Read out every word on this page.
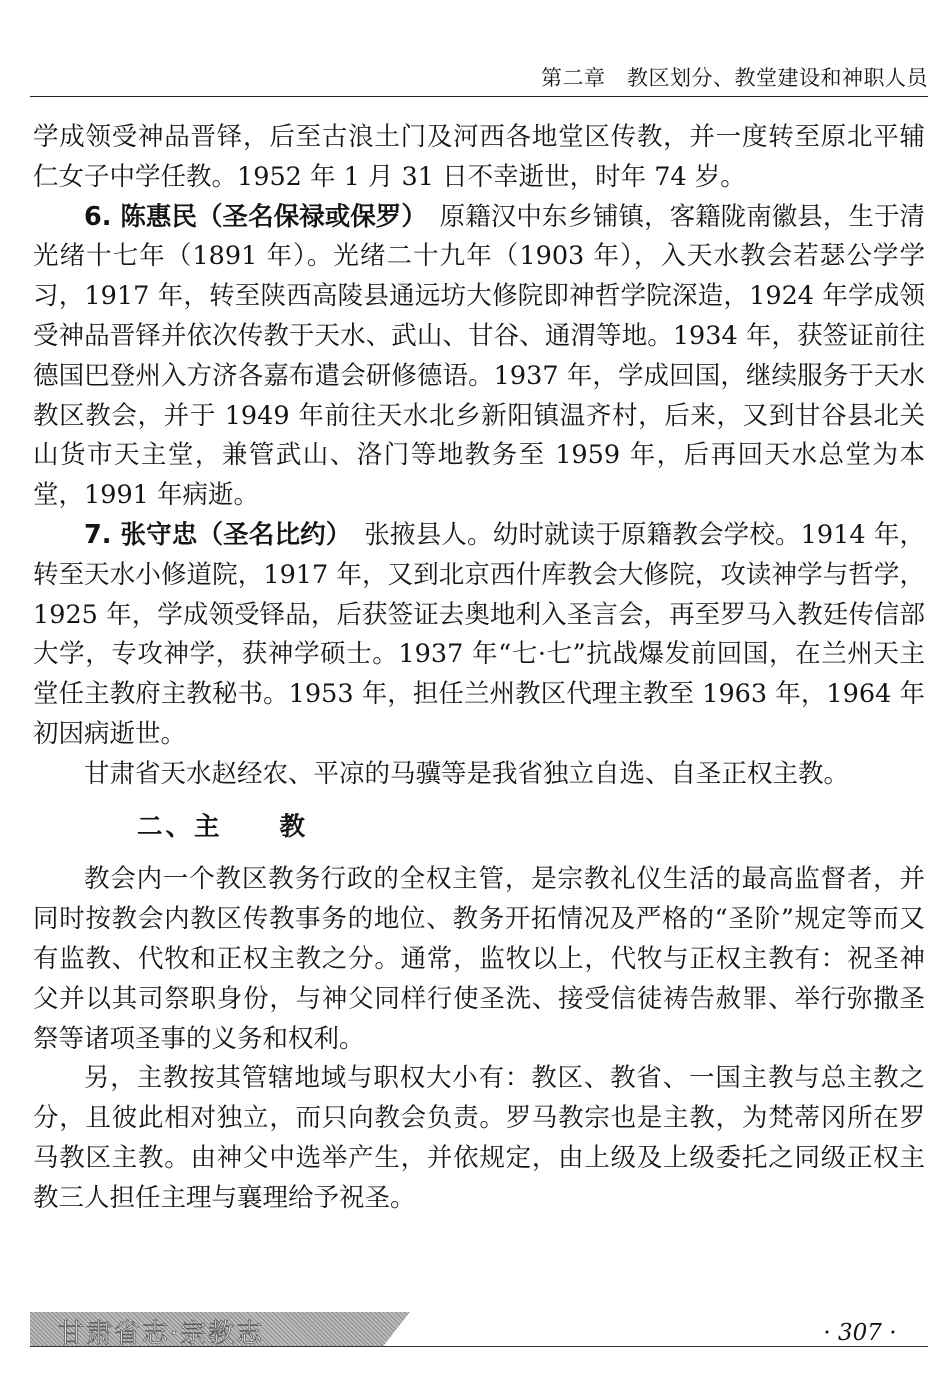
第二章　教区划分、教堂建设和神职人员

学成领受神品晋铎，后至古浪土门及河西各地堂区传教，并一度转至原北平辅仁女子中学任教。1952 年 1 月 31 日不幸逝世，时年 74 岁。

6. 陈惠民（圣名保禄或保罗）　原籍汉中东乡铺镇，客籍陇南徽县，生于清光绪十七年（1891 年）。光绪二十九年（1903 年），入天水教会若瑟公学学习，1917 年，转至陕西高陵县通远坊大修院即神哲学院深造，1924 年学成领受神品晋铎并依次传教于天水、武山、甘谷、通渭等地。1934 年，获签证前往德国巴登州入方济各嘉布遣会研修德语。1937 年，学成回国，继续服务于天水教区教会，并于 1949 年前往天水北乡新阳镇温齐村，后来，又到甘谷县北关山货市天主堂，兼管武山、洛门等地教务至 1959 年，后再回天水总堂为本堂，1991 年病逝。

7. 张守忠（圣名比约）　张掖县人。幼时就读于原籍教会学校。1914 年，转至天水小修道院，1917 年，又到北京西什库教会大修院，攻读神学与哲学，1925 年，学成领受铎品，后获签证去奥地利入圣言会，再至罗马入教廷传信部大学，专攻神学，获神学硕士。1937 年“七·七”抗战爆发前回国，在兰州天主堂任主教府主教秘书。1953 年，担任兰州教区代理主教至 1963 年，1964 年初因病逝世。

甘肃省天水赵经农、平凉的马骥等是我省独立自选、自圣正权主教。

二、主　　教

教会内一个教区教务行政的全权主管，是宗教礼仪生活的最高监督者，并同时按教会内教区传教事务的地位、教务开拓情况及严格的“圣阶”规定等而又有监教、代牧和正权主教之分。通常，监牧以上，代牧与正权主教有：祝圣神父并以其司祭职身份，与神父同样行使圣洗、接受信徒祷告赦罪、举行弥撒圣祭等诸项圣事的义务和权利。

另，主教按其管辖地域与职权大小有：教区、教省、一国主教与总主教之分，且彼此相对独立，而只向教会负责。罗马教宗也是主教，为梵蒂冈所在罗马教区主教。由神父中选举产生，并依规定，由上级及上级委托之同级正权主教三人担任主理与襄理给予祝圣。

甘肃省志·宗教志	· 307 ·
